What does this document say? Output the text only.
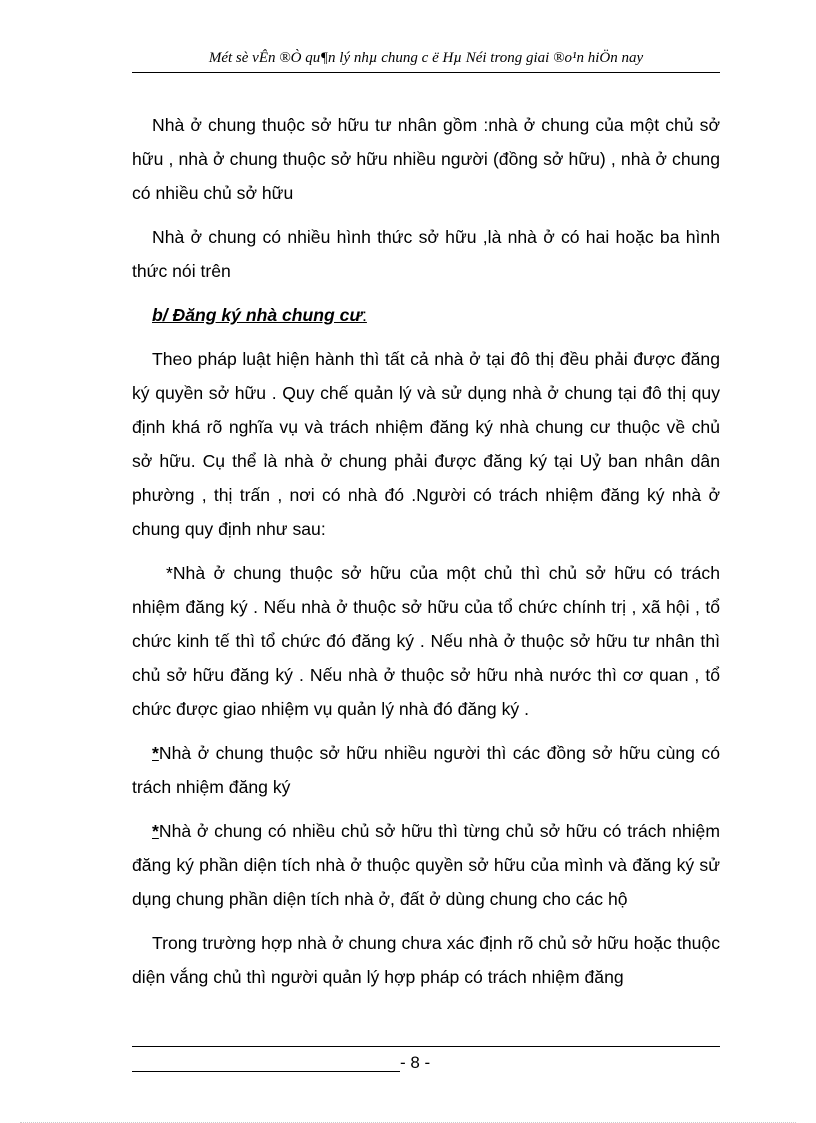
Mét sè vÊn ®Ò qu¶n lý nhµ chung c ë Hµ Néi trong giai ®o¹n hiÖn nay

Nhà ở chung thuộc sở hữu tư nhân gồm :nhà ở chung của một chủ sở hữu , nhà ở chung thuộc sở hữu nhiều người (đồng sở hữu) , nhà ở chung có nhiều chủ sở hữu

Nhà ở chung có nhiều hình thức sở hữu ,là nhà ở có hai hoặc ba hình thức nói trên

b/ Đăng ký nhà chung cư:

Theo pháp luật hiện hành thì tất cả nhà ở tại đô thị đều phải được đăng ký quyền sở hữu . Quy chế quản lý và sử dụng nhà ở chung tại đô thị quy định khá rõ nghĩa vụ và trách nhiệm đăng ký nhà chung cư thuộc về chủ sở hữu. Cụ thể là nhà ở chung phải được đăng ký tại Uỷ ban nhân dân phường , thị trấn , nơi có nhà đó .Người có trách nhiệm đăng ký nhà ở chung quy định như sau:

*Nhà ở chung thuộc sở hữu của một chủ thì chủ sở hữu có trách nhiệm đăng ký . Nếu nhà ở thuộc sở hữu của tổ chức chính trị , xã hội , tổ chức kinh tế thì tổ chức đó đăng ký . Nếu nhà ở thuộc sở hữu tư nhân thì chủ sở hữu đăng ký . Nếu nhà ở thuộc sở hữu nhà nước thì cơ quan , tổ chức được giao nhiệm vụ quản lý nhà đó đăng ký .

*Nhà ở chung thuộc sở hữu nhiều người thì các đồng sở hữu cùng có trách nhiệm đăng ký

*Nhà ở chung có nhiều chủ sở hữu thì từng chủ sở hữu có trách nhiệm đăng ký phần diện tích nhà ở thuộc quyền sở hữu của mình và đăng ký sử dụng chung phần diện tích nhà ở, đất ở dùng chung cho các hộ

Trong trường hợp nhà ở chung chưa xác định rõ chủ sở hữu hoặc thuộc diện vắng chủ thì người quản lý hợp pháp có trách nhiệm đăng

- 8 -
